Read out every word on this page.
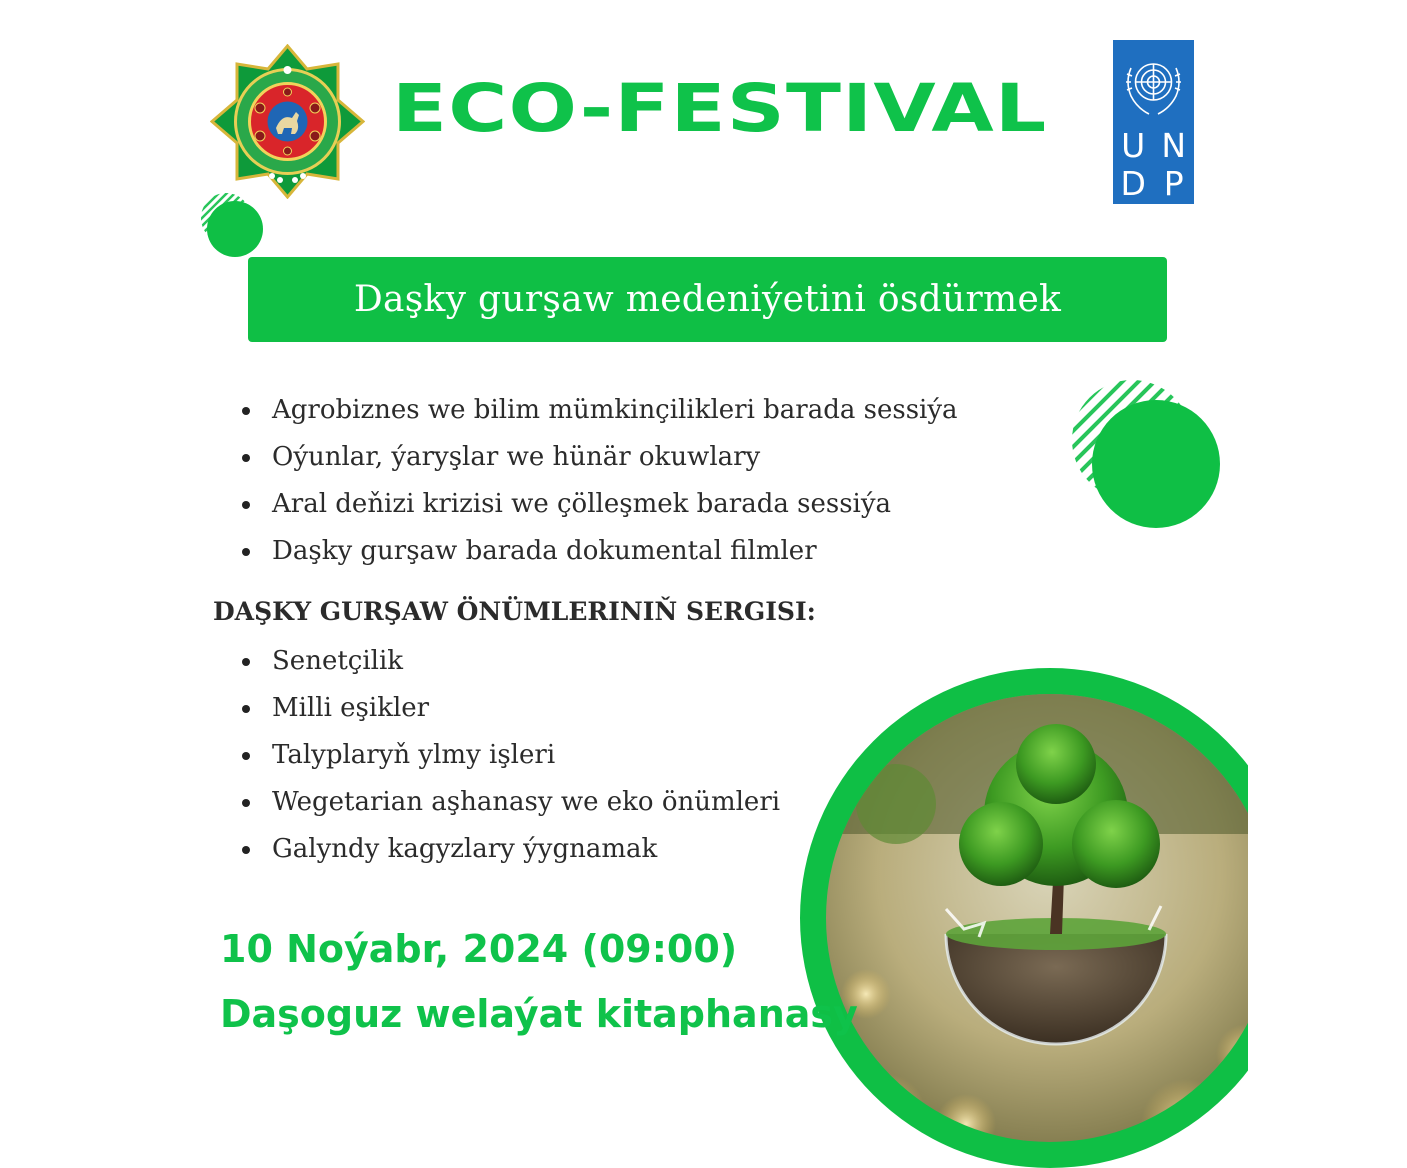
ECO-FESTIVAL U N
D P
Daşky gurşaw medeniýetini ösdürmek
Agrobiznes we bilim mümkinçilikleri barada sessiýa
Oýunlar, ýaryşlar we hünär okuwlary
Aral deňizi krizisi we çölleşmek barada sessiýa
Daşky gurşaw barada dokumental filmler
DAŞKY GURŞAW ÖNÜMLERINIŇ SERGISI:
Senetçilik
Milli eşikler
Talyplaryň ylmy işleri
Wegetarian aşhanasy we eko önümleri
Galyndy kagyzlary ýygnamak
10 Noýabr, 2024 (09:00)
Daşoguz welaýat kitaphanasy
